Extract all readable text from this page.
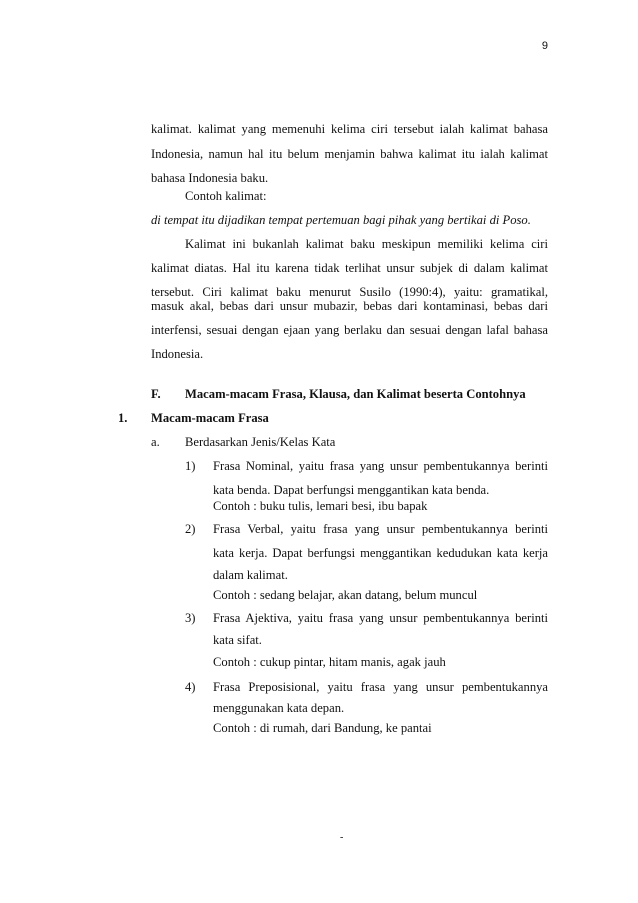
9
kalimat. kalimat yang memenuhi kelima ciri tersebut ialah kalimat bahasa
Indonesia, namun hal itu belum menjamin bahwa kalimat itu ialah kalimat
bahasa Indonesia baku.
Contoh kalimat:
di tempat itu dijadikan tempat pertemuan bagi pihak yang bertikai di Poso.
Kalimat ini bukanlah kalimat baku meskipun memiliki kelima ciri
kalimat diatas. Hal itu karena tidak terlihat unsur subjek di dalam kalimat
tersebut. Ciri kalimat baku menurut Susilo (1990:4), yaitu: gramatikal,
masuk akal, bebas dari unsur mubazir, bebas dari kontaminasi, bebas dari
interfensi, sesuai dengan ejaan yang berlaku dan sesuai dengan lafal bahasa
Indonesia.
F. Macam-macam Frasa, Klausa, dan Kalimat beserta Contohnya
1. Macam-macam Frasa
a. Berdasarkan Jenis/Kelas Kata
1) Frasa Nominal, yaitu frasa yang unsur pembentukannya berinti
kata benda. Dapat berfungsi menggantikan kata benda.
Contoh : buku tulis, lemari besi, ibu bapak
2) Frasa Verbal, yaitu frasa yang unsur pembentukannya berinti
kata kerja. Dapat berfungsi menggantikan kedudukan kata kerja
dalam kalimat.
Contoh : sedang belajar, akan datang, belum muncul
3) Frasa Ajektiva, yaitu frasa yang unsur pembentukannya berinti
kata sifat.
Contoh : cukup pintar, hitam manis, agak jauh
4) Frasa Preposisional, yaitu frasa yang unsur pembentukannya
menggunakan kata depan.
Contoh : di rumah, dari Bandung, ke pantai
-
